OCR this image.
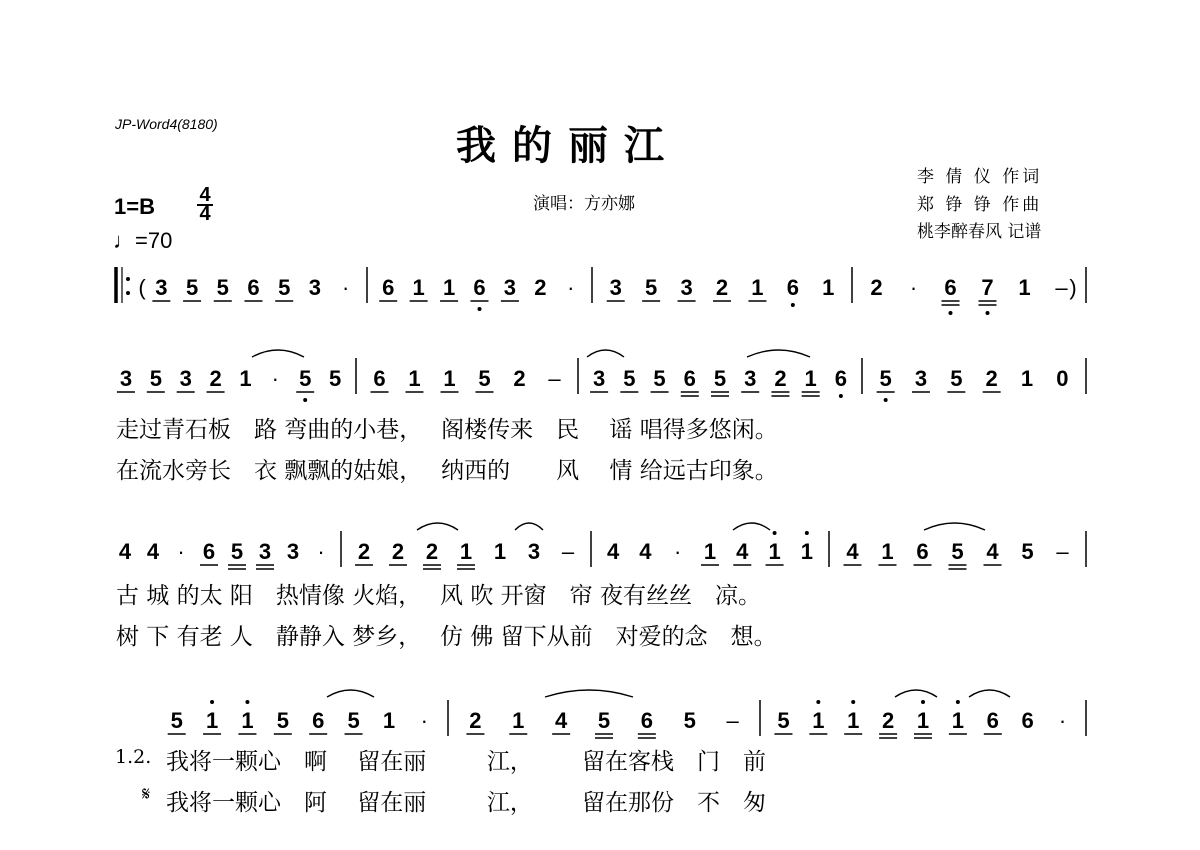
JP-Word4(8180)	我的丽江
演唱：方亦娜
李 倩 仪 作词
郑 铮 铮 作曲
桃李醉春风 记谱
1=B 4
4
♩=70
3 5 5 6 5 3 · 6 1 1 6 3 2 · 3 5 3 2 1 6 1 2 · 6 7 1 –
3 5 3 2 1 · 5 5 6 1 1 5 2 – 3 5 5 6 5 3 2 1 6 5 3 5 2 1 0
4 4 · 6 5 3 3 · 2 2 2 1 1 3 – 4 4 · 1 4 1 1 4 1 6 5 4 5 –
5 1 1 5 6 5 1 · 2 1 4 5 6 5 – 5 1 1 2 1 1 6 6 ·
(	)
走过青石板　路 弯曲的小巷，　 阁楼传来　民　 谣 唱得多悠闲。
在流水旁长　衣 飘飘的姑娘，　 纳西的　　风　 情 给远古印象。
古 城 的太 阳　热情像 火焰，　 风 吹 开窗　帘 夜有丝丝　凉。
树 下 有老 人　静静入 梦乡，　 仿 佛 留下从前　对爱的念　想。
1.2. 我将一颗心　啊　 留在丽　 　 江，　 　 留在客栈　门　前
𝄋 我将一颗心　阿　 留在丽　 　 江，　 　 留在那份　不　匆
